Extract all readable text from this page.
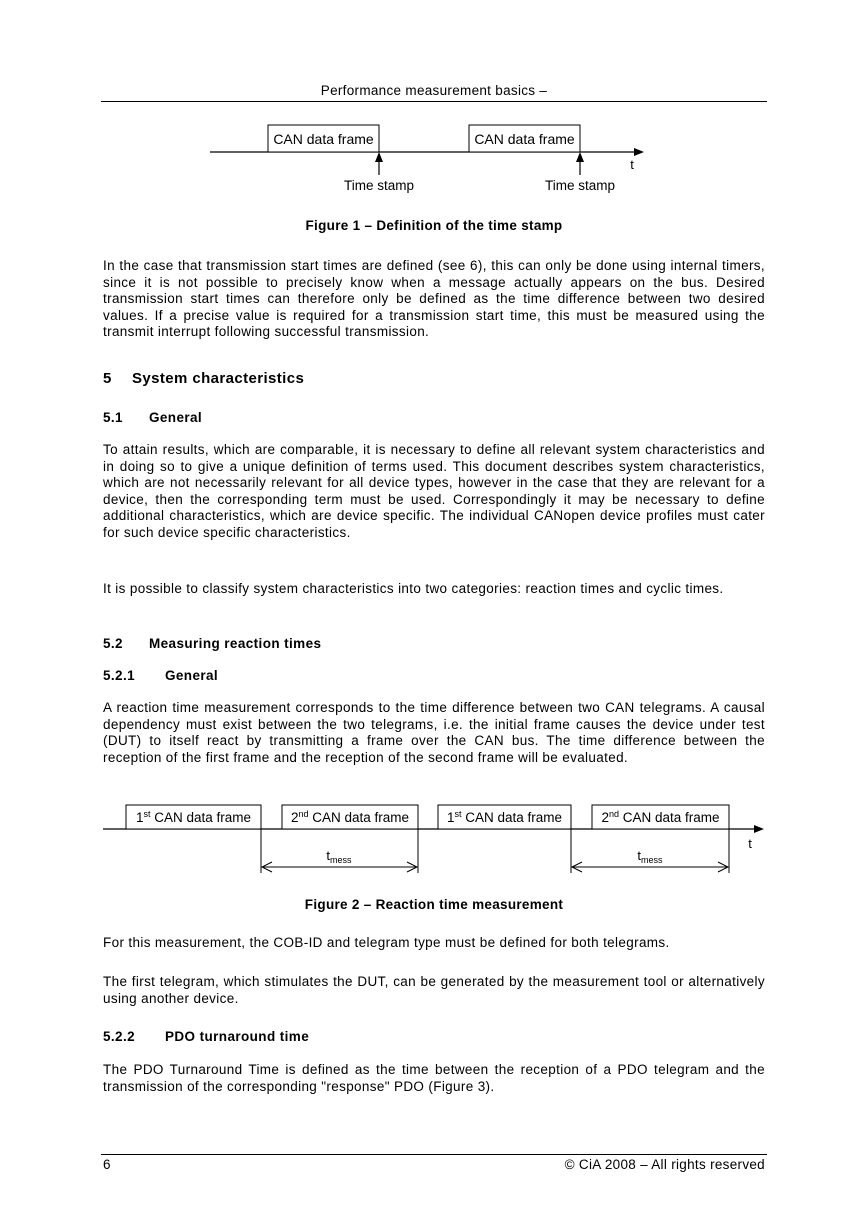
Performance measurement basics –
CAN data frame	CAN data frame
t
Time stamp	Time stamp
Figure 1 – Definition of the time stamp
In the case that transmission start times are defined (see 6), this can only be done using internal timers, since it is not possible to precisely know when a message actually appears on the bus. Desired transmission start times can therefore only be defined as the time difference between two desired values. If a precise value is required for a transmission start time, this must be measured using the transmit interrupt following successful transmission.
5 System characteristics
5.1 General
To attain results, which are comparable, it is necessary to define all relevant system characteristics and in doing so to give a unique definition of terms used. This document describes system characteristics, which are not necessarily relevant for all device types, however in the case that they are relevant for a device, then the corresponding term must be used. Correspondingly it may be necessary to define additional characteristics, which are device specific. The individual CANopen device profiles must cater for such device specific characteristics.
It is possible to classify system characteristics into two categories: reaction times and cyclic times.
5.2 Measuring reaction times
5.2.1 General
A reaction time measurement corresponds to the time difference between two CAN telegrams. A causal dependency must exist between the two telegrams, i.e. the initial frame causes the device under test (DUT) to itself react by transmitting a frame over the CAN bus. The time difference between the reception of the first frame and the reception of the second frame will be evaluated.
1st CAN data frame	2nd CAN data frame	1st CAN data frame	2nd CAN data frame
t
$t_{mess}$	$t_{mess}$
Figure 2 – Reaction time measurement
For this measurement, the COB-ID and telegram type must be defined for both telegrams.
The first telegram, which stimulates the DUT, can be generated by the measurement tool or alternatively using another device.
5.2.2 PDO turnaround time
The PDO Turnaround Time is defined as the time between the reception of a PDO telegram and the transmission of the corresponding "response" PDO (Figure 3).
6	© CiA 2008 – All rights reserved
